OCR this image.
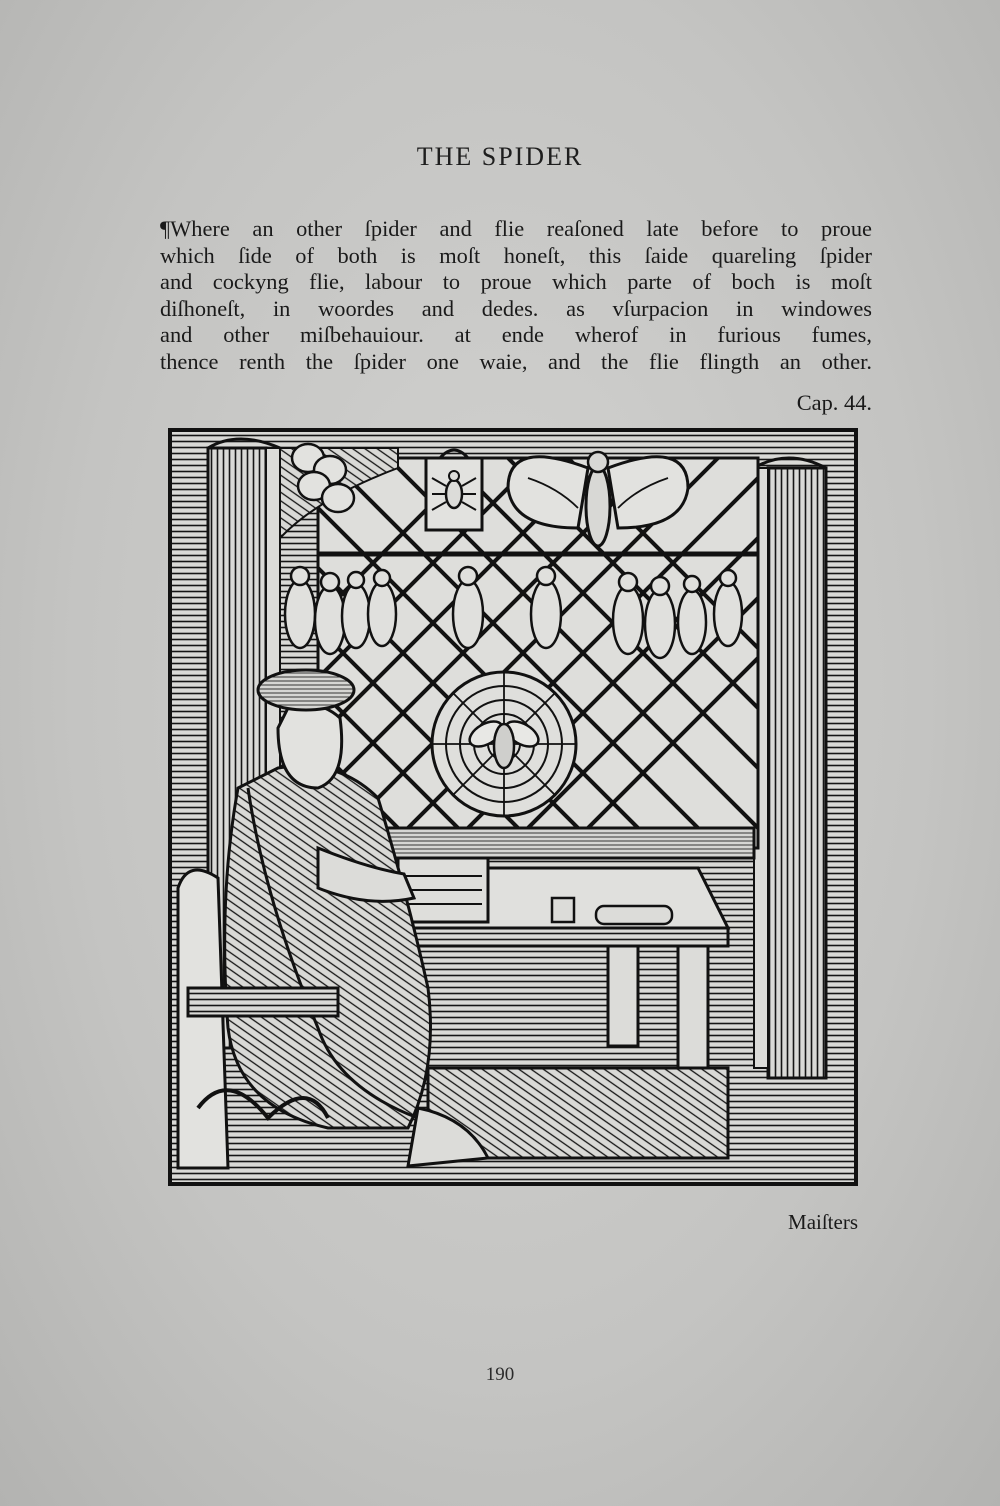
THE SPIDER
¶Where an other ſpider and flie reaſoned late before to proue
which ſide of both is moſt honeſt, this ſaide quareling ſpider
and cockyng flie, labour to proue which parte of boch is moſt
diſhoneſt, in woordes and dedes. as vſurpacion in windowes
and other miſbehauiour. at ende wherof in furious fumes,
thence renth the ſpider one waie, and the flie flingth an other.
Cap. 44.
Maiſters
190
